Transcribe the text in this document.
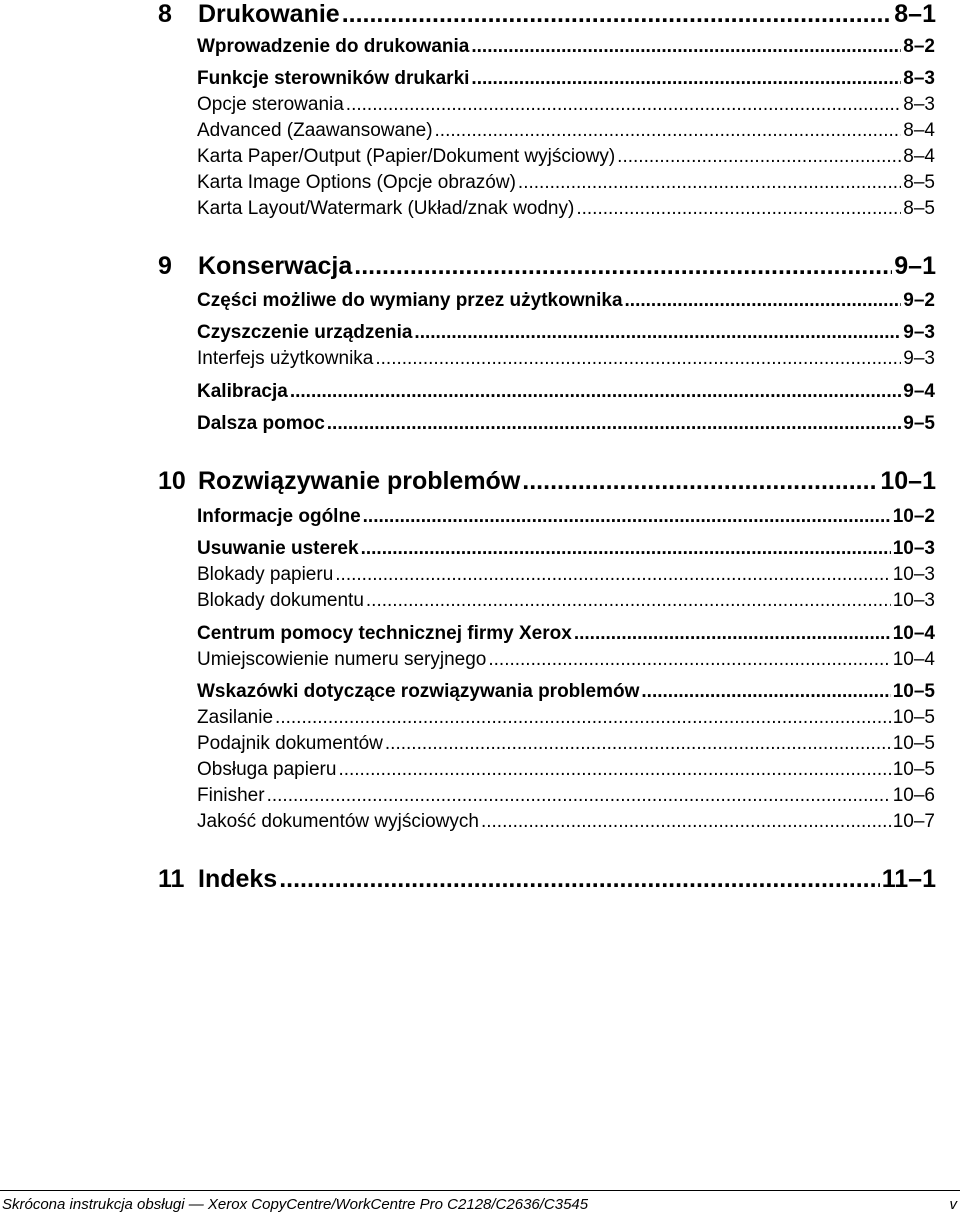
8 Drukowanie .....	8–1
Wprowadzenie do drukowania .....	8–2
Funkcje sterowników drukarki .....	8–3
Opcje sterowania .....	8–3
Advanced (Zaawansowane) .....	8–4
Karta Paper/Output (Papier/Dokument wyjściowy) .....	8–4
Karta Image Options (Opcje obrazów) .....	8–5
Karta Layout/Watermark (Układ/znak wodny) .....	8–5
9 Konserwacja .....	9–1
Części możliwe do wymiany przez użytkownika .....	9–2
Czyszczenie urządzenia .....	9–3
Interfejs użytkownika .....	9–3
Kalibracja .....	9–4
Dalsza pomoc .....	9–5
10 Rozwiązywanie problemów .....	10–1
Informacje ogólne .....	10–2
Usuwanie usterek .....	10–3
Blokady papieru .....	10–3
Blokady dokumentu .....	10–3
Centrum pomocy technicznej firmy Xerox .....	10–4
Umiejscowienie numeru seryjnego .....	10–4
Wskazówki dotyczące rozwiązywania problemów .....	10–5
Zasilanie .....	10–5
Podajnik dokumentów .....	10–5
Obsługa papieru .....	10–5
Finisher .....	10–6
Jakość dokumentów wyjściowych .....	10–7
11 Indeks .....	11–1
Skrócona instrukcja obsługi — Xerox CopyCentre/WorkCentre Pro C2128/C2636/C3545	v
